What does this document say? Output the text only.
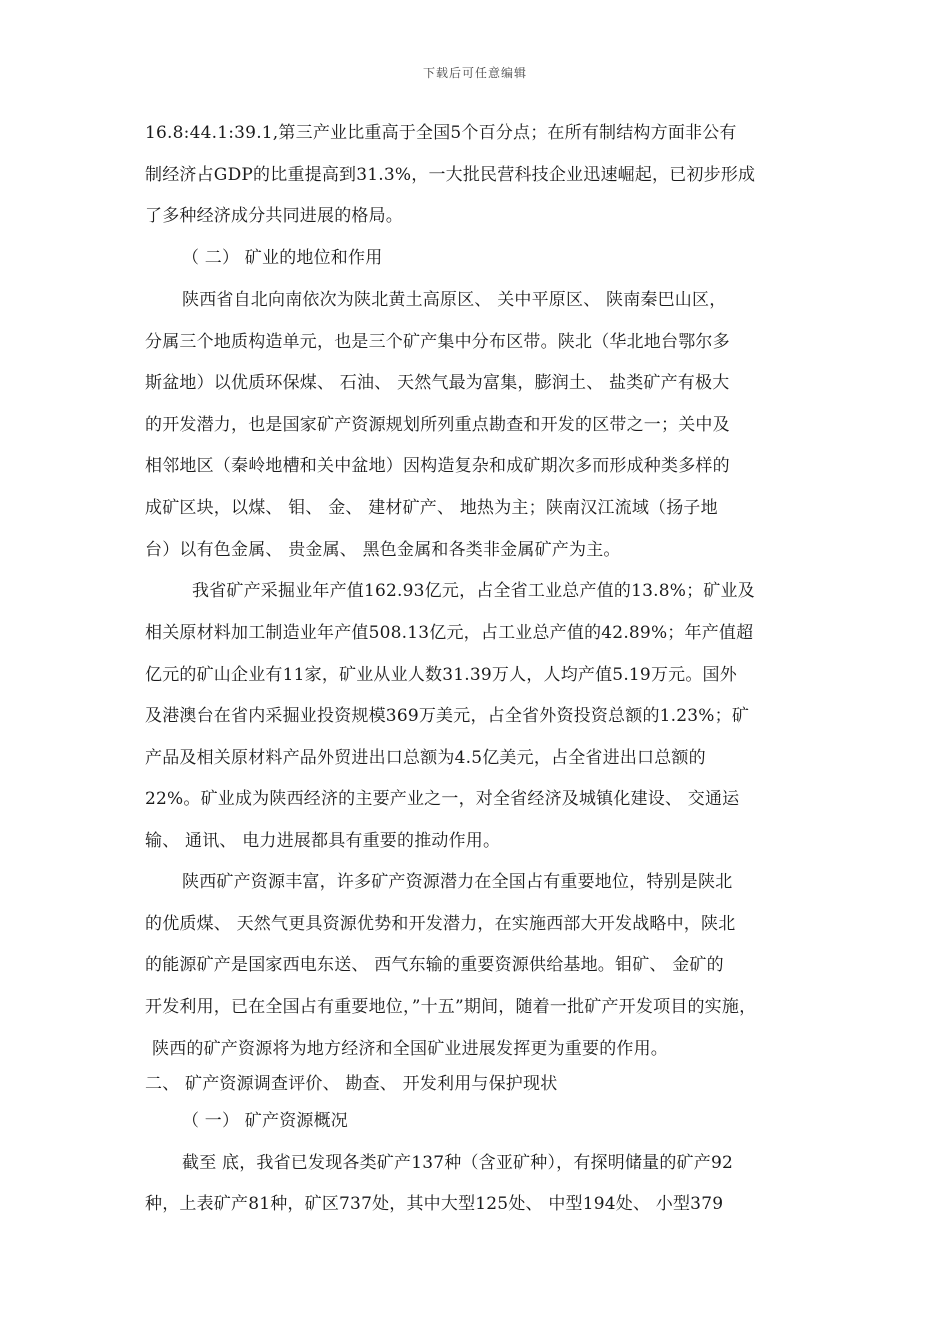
下载后可任意编辑
16.8:44.1:39.1,第三产业比重高于全国5个百分点；在所有制结构方面非公有
制经济占GDP的比重提高到31.3%，一大批民营科技企业迅速崛起，已初步形成
了多种经济成分共同进展的格局。
（ 二） 矿业的地位和作用
陕西省自北向南依次为陕北黄土高原区、 关中平原区、 陕南秦巴山区，
分属三个地质构造单元，也是三个矿产集中分布区带。陕北（华北地台鄂尔多
斯盆地）以优质环保煤、 石油、 天然气最为富集，膨润土、 盐类矿产有极大
的开发潜力，也是国家矿产资源规划所列重点勘查和开发的区带之一；关中及
相邻地区（秦岭地槽和关中盆地）因构造复杂和成矿期次多而形成种类多样的
成矿区块，以煤、 钼、 金、 建材矿产、 地热为主；陕南汉江流域（扬子地
台）以有色金属、 贵金属、 黑色金属和各类非金属矿产为主。
我省矿产采掘业年产值162.93亿元，占全省工业总产值的13.8%；矿业及
相关原材料加工制造业年产值508.13亿元，占工业总产值的42.89%；年产值超
亿元的矿山企业有11家，矿业从业人数31.39万人，人均产值5.19万元。国外
及港澳台在省内采掘业投资规模369万美元，占全省外资投资总额的1.23%；矿
产品及相关原材料产品外贸进出口总额为4.5亿美元，占全省进出口总额的
22%。矿业成为陕西经济的主要产业之一，对全省经济及城镇化建设、 交通运
输、 通讯、 电力进展都具有重要的推动作用。
陕西矿产资源丰富，许多矿产资源潜力在全国占有重要地位，特别是陕北
的优质煤、 天然气更具资源优势和开发潜力，在实施西部大开发战略中，陕北
的能源矿产是国家西电东送、 西气东输的重要资源供给基地。钼矿、 金矿的
开发利用，已在全国占有重要地位，”十五”期间，随着一批矿产开发项目的实施，
陕西的矿产资源将为地方经济和全国矿业进展发挥更为重要的作用。
二、 矿产资源调查评价、 勘查、 开发利用与保护现状
（ 一） 矿产资源概况
截至 底，我省已发现各类矿产137种（含亚矿种），有探明储量的矿产92
种，上表矿产81种，矿区737处，其中大型125处、 中型194处、 小型379
